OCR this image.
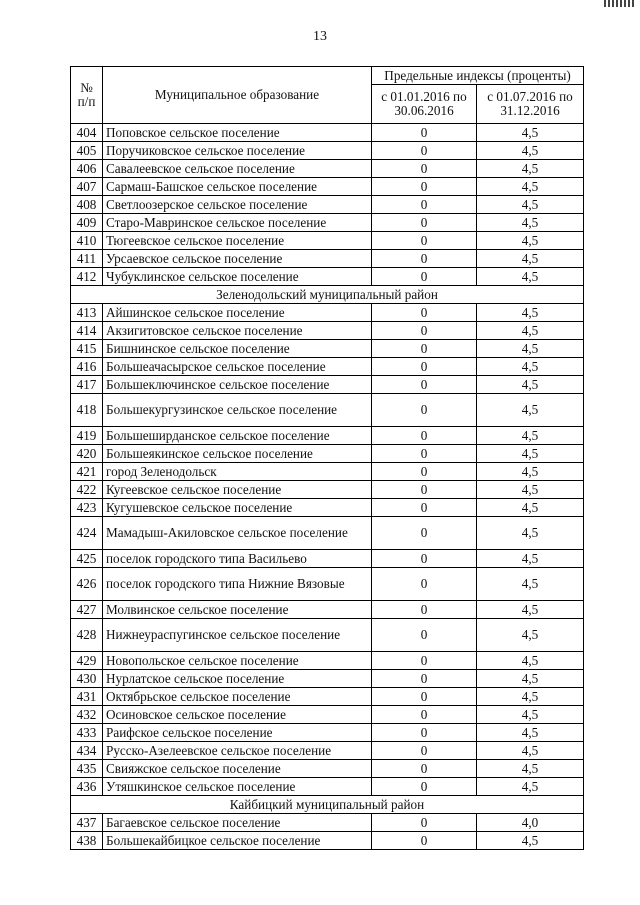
13
№ п/п	Муниципальное образование	Предельные индексы (проценты)	
		с 01.01.2016 по 30.06.2016	с 01.07.2016 по 31.12.2016
404	Поповское сельское поселение	0	4,5
405	Поручиковское сельское поселение	0	4,5
406	Савалеевское сельское поселение	0	4,5
407	Сармаш-Башское сельское поселение	0	4,5
408	Светлоозерское сельское поселение	0	4,5
409	Старо-Мавринское сельское поселение	0	4,5
410	Тюгеевское сельское поселение	0	4,5
411	Урсаевское сельское поселение	0	4,5
412	Чубуклинское сельское поселение	0	4,5
Зеленодольский муниципальный район			
413	Айшинское сельское поселение	0	4,5
414	Акзигитовское сельское поселение	0	4,5
415	Бишнинское сельское поселение	0	4,5
416	Большеачасырское сельское поселение	0	4,5
417	Большеключинское сельское поселение	0	4,5
418	Большекургузинское сельское поселение	0	4,5
419	Большеширданское сельское поселение	0	4,5
420	Большеякинское сельское поселение	0	4,5
421	город Зеленодольск	0	4,5
422	Кугеевское сельское поселение	0	4,5
423	Кугушевское сельское поселение	0	4,5
424	Мамадыш-Акиловское сельское поселение	0	4,5
425	поселок городского типа Васильево	0	4,5
426	поселок городского типа Нижние Вязовые	0	4,5
427	Молвинское сельское поселение	0	4,5
428	Нижнеураспугинское сельское поселение	0	4,5
429	Новопольское сельское поселение	0	4,5
430	Нурлатское сельское поселение	0	4,5
431	Октябрьское сельское поселение	0	4,5
432	Осиновское сельское поселение	0	4,5
433	Раифское сельское поселение	0	4,5
434	Русско-Азелеевское сельское поселение	0	4,5
435	Свияжское сельское поселение	0	4,5
436	Утяшкинское сельское поселение	0	4,5
Кайбицкий муниципальный район			
437	Багаевское сельское поселение	0	4,0
438	Большекайбицкое сельское поселение	0	4,5
